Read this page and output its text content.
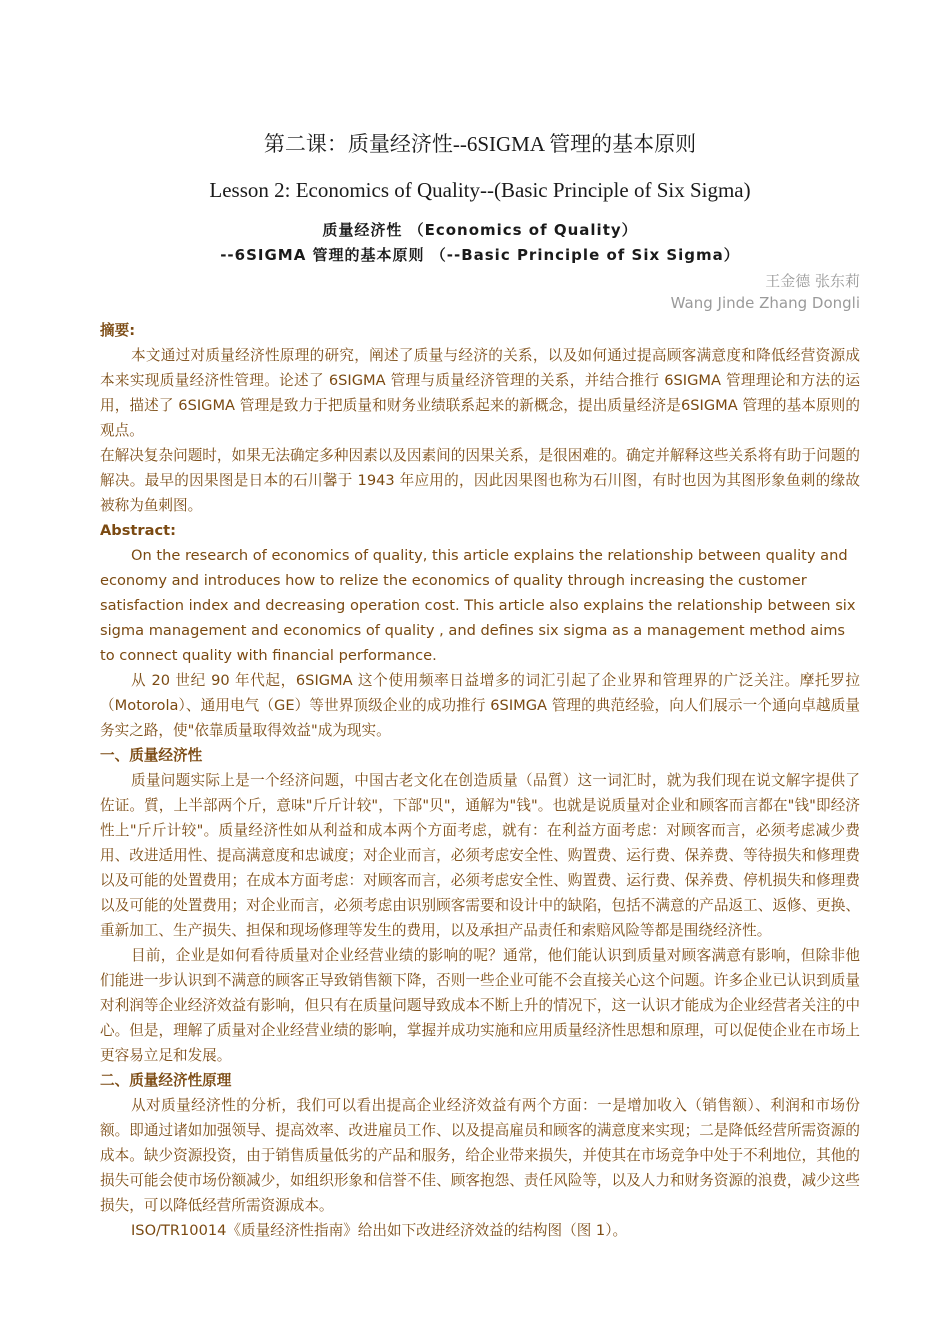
第二课：质量经济性--6SIGMA 管理的基本原则
Lesson 2: Economics of Quality--(Basic Principle of Six Sigma)
质量经济性 （Economics of Quality）
--6SIGMA 管理的基本原则 （--Basic Principle of Six Sigma）
王金德 张东莉
Wang Jinde Zhang Dongli

摘要:

本文通过对质量经济性原理的研究，阐述了质量与经济的关系，以及如何通过提高顾客满意度和降低经营资源成本来实现质量经济性管理。论述了 6SIGMA 管理与质量经济管理的关系，并结合推行 6SIGMA 管理理论和方法的运用，描述了 6SIGMA 管理是致力于把质量和财务业绩联系起来的新概念，提出质量经济是6SIGMA 管理的基本原则的观点。

在解决复杂问题时，如果无法确定多种因素以及因素间的因果关系，是很困难的。确定并解释这些关系将有助于问题的解决。最早的因果图是日本的石川馨于 1943 年应用的，因此因果图也称为石川图，有时也因为其图形象鱼刺的缘故被称为鱼刺图。

Abstract:

On the research of economics of quality, this article explains the relationship between quality and economy and introduces how to relize the economics of quality through increasing the customer satisfaction index and decreasing operation cost. This article also explains the relationship between six sigma management and economics of quality , and defines six sigma as a management method aims to connect quality with financial performance.

从 20 世纪 90 年代起，6SIGMA 这个使用频率日益增多的词汇引起了企业界和管理界的广泛关注。摩托罗拉（Motorola）、通用电气（GE）等世界顶级企业的成功推行 6SIMGA 管理的典范经验，向人们展示一个通向卓越质量务实之路，使"依靠质量取得效益"成为现实。

一、质量经济性

质量问题实际上是一个经济问题，中国古老文化在创造质量（品質）这一词汇时，就为我们现在说文解字提供了佐证。質，上半部两个斤，意味"斤斤计较"，下部"贝"，通解为"钱"。也就是说质量对企业和顾客而言都在"钱"即经济性上"斤斤计较"。质量经济性如从利益和成本两个方面考虑，就有：在利益方面考虑：对顾客而言，必须考虑减少费用、改进适用性、提高满意度和忠诚度；对企业而言，必须考虑安全性、购置费、运行费、保养费、等待损失和修理费以及可能的处置费用；在成本方面考虑：对顾客而言，必须考虑安全性、购置费、运行费、保养费、停机损失和修理费以及可能的处置费用；对企业而言，必须考虑由识别顾客需要和设计中的缺陷，包括不满意的产品返工、返修、更换、重新加工、生产损失、担保和现场修理等发生的费用，以及承担产品责任和索赔风险等都是围绕经济性。

目前，企业是如何看待质量对企业经营业绩的影响的呢？通常，他们能认识到质量对顾客满意有影响，但除非他们能进一步认识到不满意的顾客正导致销售额下降，否则一些企业可能不会直接关心这个问题。许多企业已认识到质量对利润等企业经济效益有影响，但只有在质量问题导致成本不断上升的情况下，这一认识才能成为企业经营者关注的中心。但是，理解了质量对企业经营业绩的影响，掌握并成功实施和应用质量经济性思想和原理，可以促使企业在市场上更容易立足和发展。

二、质量经济性原理

从对质量经济性的分析，我们可以看出提高企业经济效益有两个方面：一是增加收入（销售额）、利润和市场份额。即通过诸如加强领导、提高效率、改进雇员工作、以及提高雇员和顾客的满意度来实现；二是降低经营所需资源的成本。缺少资源投资，由于销售质量低劣的产品和服务，给企业带来损失，并使其在市场竞争中处于不利地位，其他的损失可能会使市场份额减少，如组织形象和信誉不佳、顾客抱怨、责任风险等，以及人力和财务资源的浪费，减少这些损失，可以降低经营所需资源成本。

ISO/TR10014《质量经济性指南》给出如下改进经济效益的结构图（图 1）。
